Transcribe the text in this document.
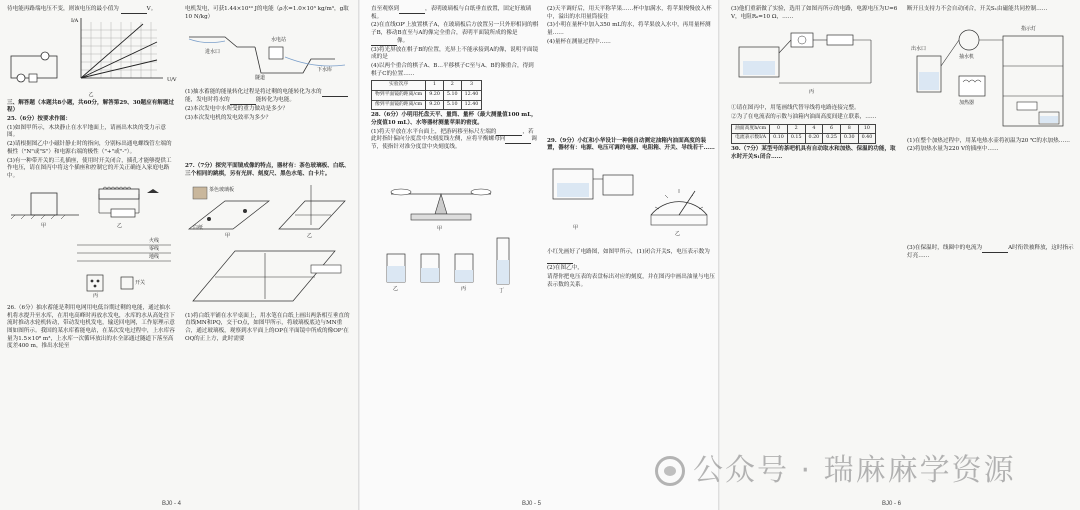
待电能再路端电压不变，则该电压的最小值为	V。

U/V
I/A

乙

三、解答题（本题共8小题，共60分，解答第29、30题应有解题过程）

25.（6分）按要求作图：

(1)如图甲所示，木块静止在水平地面上，请画出木块的受力示意图。

(2)请根据图乙中小磁针静止时的指向，分别标出通电螺线管左端的极性（"N"或"S"）和电源右端的极性（"+"或"-"）。

(3)有一种带开关的三孔插座，使用时开关闭合，插孔才能够提供工作电压，请在图丙中将这个插座和控制它的开关正确连入家庭电路中。

火线
零线
地线
开关
甲	乙
丙

26.（6分）抽水蓄能是利用电网用电低谷期过剩的电能，通过抽水机将水提升至水库，在用电高峰时再放水发电，水库的水从高处往下流时推动水轮机转动，带动发电机发电，输送回电网，工作原理示意图如图所示。我国的某水库蓄能电站，在某次发电过程中，上水库容量为1.5×10⁸ m³，上水库一次循环放出的水全部通过隧道下落至高度差400 m，推出水轮至

电机发电，可获1.44×10¹⁰ J的电能（ρ水=1.0×10³ kg/m³，g取10 N/kg）

水电站
隧道
下水库
进水口

(1)抽水蓄能的能量转化过程是将过剩的电能转化为水的能，发电时将水的	能转化为电能。

(2)本次发电中水所受的重力做功是多少？

(3)本次发电机的发电效率为多少？

27.（7分）探究平面镜成像的特点，器材有：茶色玻璃板、白纸、三个相同的跳棋，另有光屏、刻度尺、黑色水笔、白卡片。

茶色玻璃板
白纸
甲	乙

(1)将白纸平铺在水平桌面上，用水笔在白纸上画出两条相互垂直的直线MN和PQ，交于O点，如图甲所示，将玻璃板底边与MN重合，通过玻璃板，观察到水平面上的OP在平面镜中所成的像OP'在OQ的正上方，此时需要

BJ0 - 4

直至观察到	，表明玻璃板与白纸垂直放置，固定好玻璃板。

(2)在直线OP'上放置棋子A，在玻璃板后方放置另一只外形相同的棋子B，移动B直至与A的像完全重合，表明平面镜所成的像是像。

(3)将光屏放在棋子B的位置，光屏上不能承接到A的像，说明平面镜成的是

(4)以两个重合的棋子A、B…平移棋子C至与A、B的像重合，得到棋子C的位置……

实验次序	1	2	3
物到平面镜的距离/cm	9.20	5.10	12.40
像到平面镜的距离/cm	9.20	5.10	12.40

28.（6分）小明用托盘天平、量筒、量杯（最大测量值100 mL，分度值10 mL）、水等器材测量苹果的密度。

(1)将天平放在水平台面上，把游码移至标尺左端的	，若此时指针偏向分度盘中央刻度线左侧，应将平衡螺母向	调节，使指针对准分度盘中央刻度线。

甲
乙	丙	丁

(2)天平调好后，用天平称苹果……杯中加满水，将苹果慢慢放入杯中，溢出的水用量筒接住

(3)小明在量杯中加入350 mL的水，将苹果放入水中，再用量杯测量……

(4)量杯在测量过程中……

29.（9分）小红和小华设计一种能自动测定油箱内油面高度的装置，器材有：电源、电压可调的电源、电阻箱、开关、导线若干……

甲
乙

小红先画好了电路图，如图甲所示，(1)闭合开关S，电压表示数为

(2)在图乙中，

请帮你把电压表的表盘标出对应的刻度，并在图丙中画出油量与电压表示数的关系。

BJ0 - 5

(3)他们重新做了实验，选用了如图丙所示的电路，电源电压为U=6 V，电阻R₀=10 Ω，……

丙

①请在图丙中，用笔画线代替导线将电路连接完整。

②为了在电流表的示数与油箱内油面高度间建立联系，……

油面高度h/cm	0	2	4	6	8	10
电流表示数I/A	0.10	0.15	0.20	0.25	0.30	0.40

30.（7分）某型号的茶吧机具有自动取水和加热、保温的功能，取水时开关S₁闭合……

断开且支持力不会自动闭合，开关S₁由磁能共同控制……

出水口
抽水机
加热器
指示灯

(1)在整个加热过程中，用某电热水壶将初温为20 ℃的水加热……

(2)将加热水量为220 V的插座中……

(3)在保温时，线圈中的电流为	A时衔铁被释放，这时指示灯亮……

BJ0 - 6
公众号 · 瑞麻麻学资源
